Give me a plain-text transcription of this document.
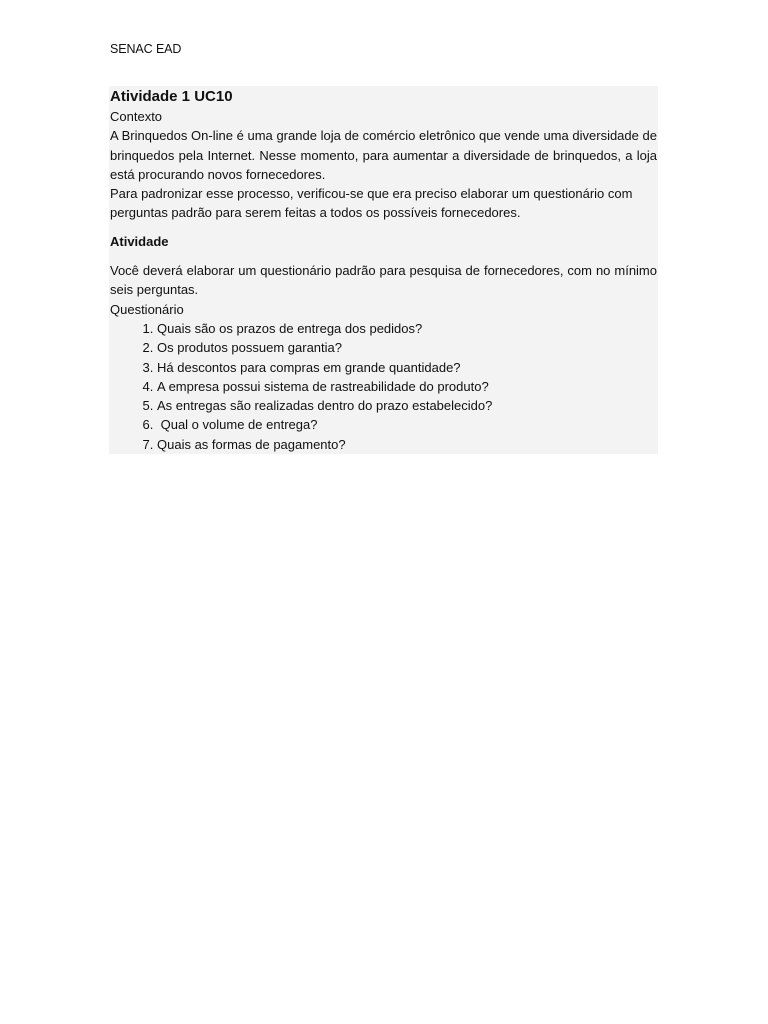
SENAC EAD
Atividade 1 UC10

Contexto

A Brinquedos On-line é uma grande loja de comércio eletrônico que vende uma diversidade de brinquedos pela Internet. Nesse momento, para aumentar a diversidade de brinquedos, a loja está procurando novos fornecedores.

Para padronizar esse processo, verificou-se que era preciso elaborar um questionário com perguntas padrão para serem feitas a todos os possíveis fornecedores.

Atividade

Você deverá elaborar um questionário padrão para pesquisa de fornecedores, com no mínimo seis perguntas.

Questionário

1. Quais são os prazos de entrega dos pedidos?
2. Os produtos possuem garantia?
3. Há descontos para compras em grande quantidade?
4. A empresa possui sistema de rastreabilidade do produto?
5. As entregas são realizadas dentro do prazo estabelecido?
6.  Qual o volume de entrega?
7. Quais as formas de pagamento?
